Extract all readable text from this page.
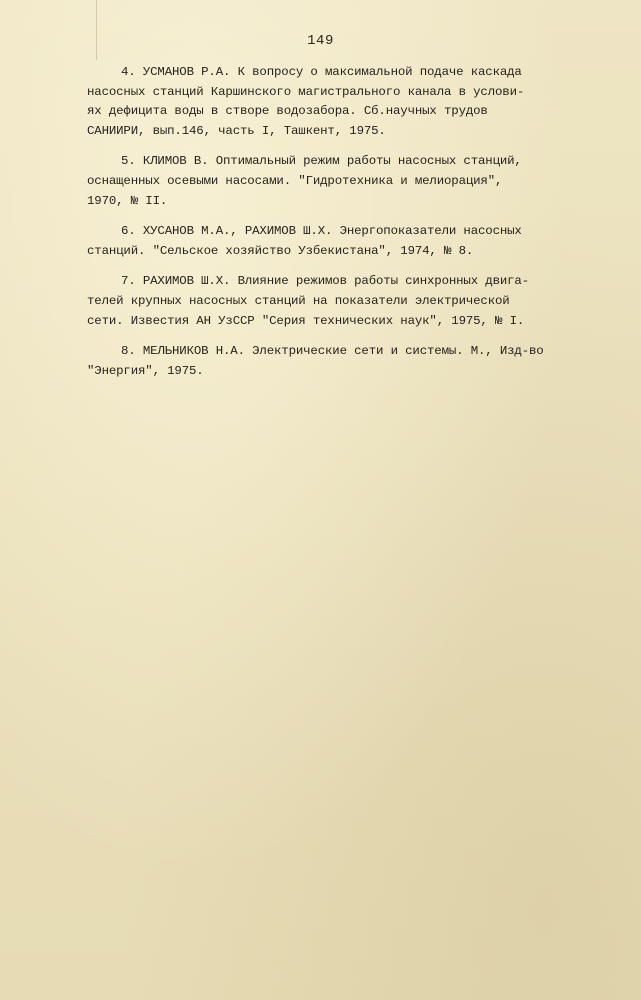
149
4. УСМАНОВ Р.А. К вопросу о максимальной подаче каскада
насосных станций Каршинского магистрального канала в услови-
ях дефицита воды в створе водозабора. Сб.научных трудов
САНИИРИ, вып.146, часть I, Ташкент, 1975.
5. КЛИМОВ В. Оптимальный режим работы насосных станций,
оснащенных осевыми насосами. "Гидротехника и мелиорация",
1970, № II.
6. ХУСАНОВ М.А., РАХИМОВ Ш.Х. Энергопоказатели насосных
станций. "Сельское хозяйство Узбекистана", 1974, № 8.
7. РАХИМОВ Ш.Х. Влияние режимов работы синхронных двига-
телей крупных насосных станций на показатели электрической
сети. Известия АН УзССР "Серия технических наук", 1975, № I.
8. МЕЛЬНИКОВ Н.А. Электрические сети и системы. М., Изд-во
"Энергия", 1975.
